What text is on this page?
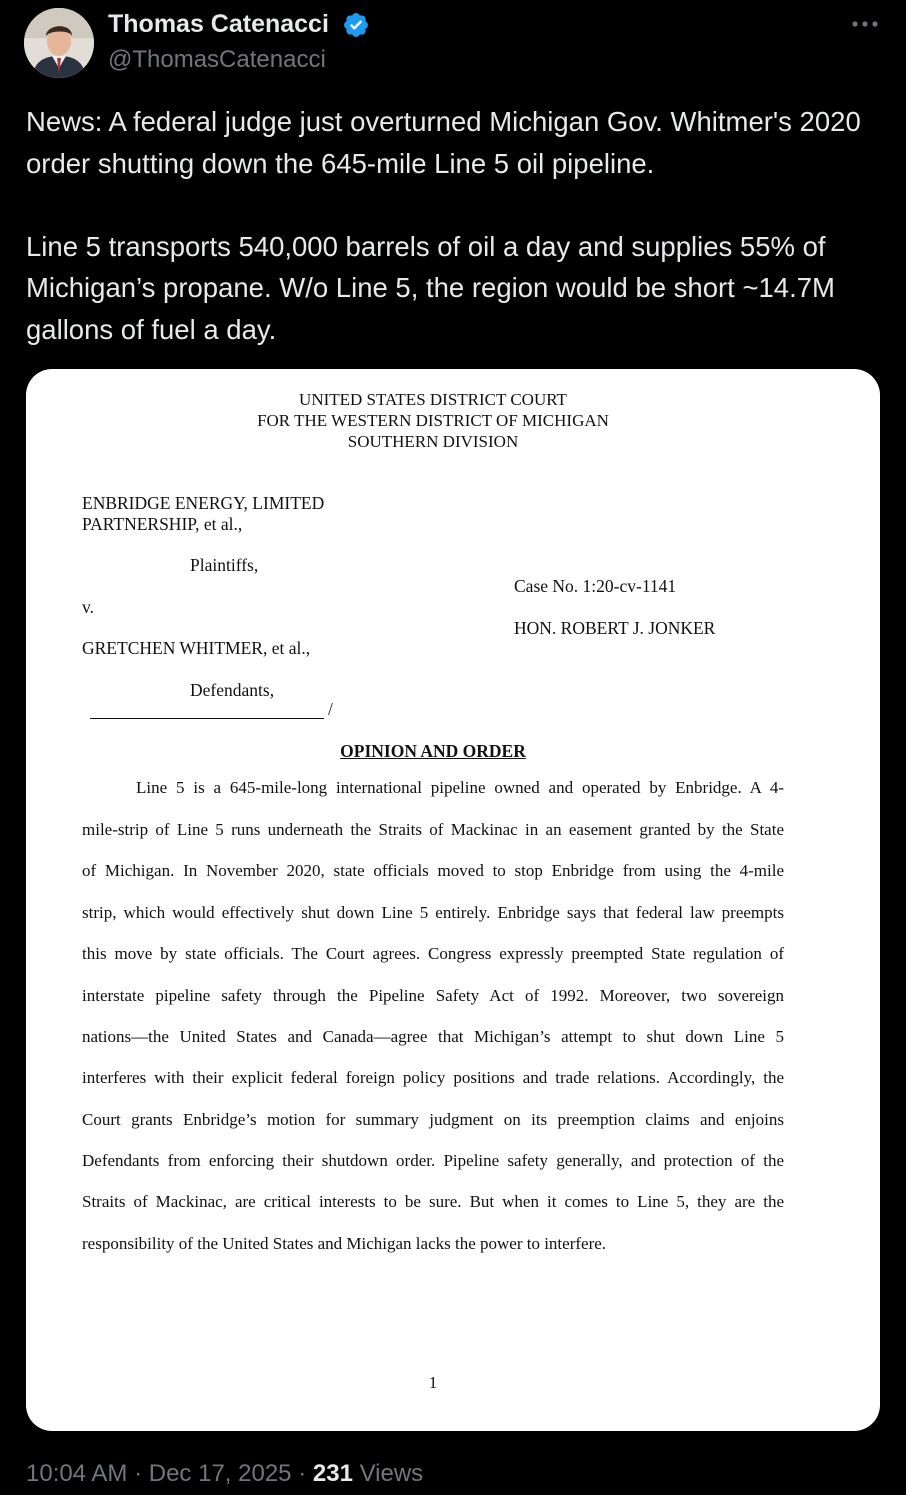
Thomas Catenacci
@ThomasCatenacci

News: A federal judge just overturned Michigan Gov. Whitmer's 2020 order shutting down the 645-mile Line 5 oil pipeline.

Line 5 transports 540,000 barrels of oil a day and supplies 55% of Michigan’s propane. W/o Line 5, the region would be short ~14.7M gallons of fuel a day.

UNITED STATES DISTRICT COURT
FOR THE WESTERN DISTRICT OF MICHIGAN
SOUTHERN DIVISION
ENBRIDGE ENERGY, LIMITED
PARTNERSHIP, et al.,
Plaintiffs,
Case No. 1:20-cv-1141
v.
HON. ROBERT J. JONKER
GRETCHEN WHITMER, et al.,
Defendants,
/
OPINION AND ORDER
Line 5 is a 645-mile-long international pipeline owned and operated by Enbridge. A 4-
mile-strip of Line 5 runs underneath the Straits of Mackinac in an easement granted by the State
of Michigan. In November 2020, state officials moved to stop Enbridge from using the 4-mile
strip, which would effectively shut down Line 5 entirely. Enbridge says that federal law preempts
this move by state officials. The Court agrees. Congress expressly preempted State regulation of
interstate pipeline safety through the Pipeline Safety Act of 1992. Moreover, two sovereign
nations—the United States and Canada—agree that Michigan’s attempt to shut down Line 5
interferes with their explicit federal foreign policy positions and trade relations. Accordingly, the
Court grants Enbridge’s motion for summary judgment on its preemption claims and enjoins
Defendants from enforcing their shutdown order. Pipeline safety generally, and protection of the
Straits of Mackinac, are critical interests to be sure. But when it comes to Line 5, they are the
responsibility of the United States and Michigan lacks the power to interfere.
1
10:04 AM · Dec 17, 2025 · 231 Views
